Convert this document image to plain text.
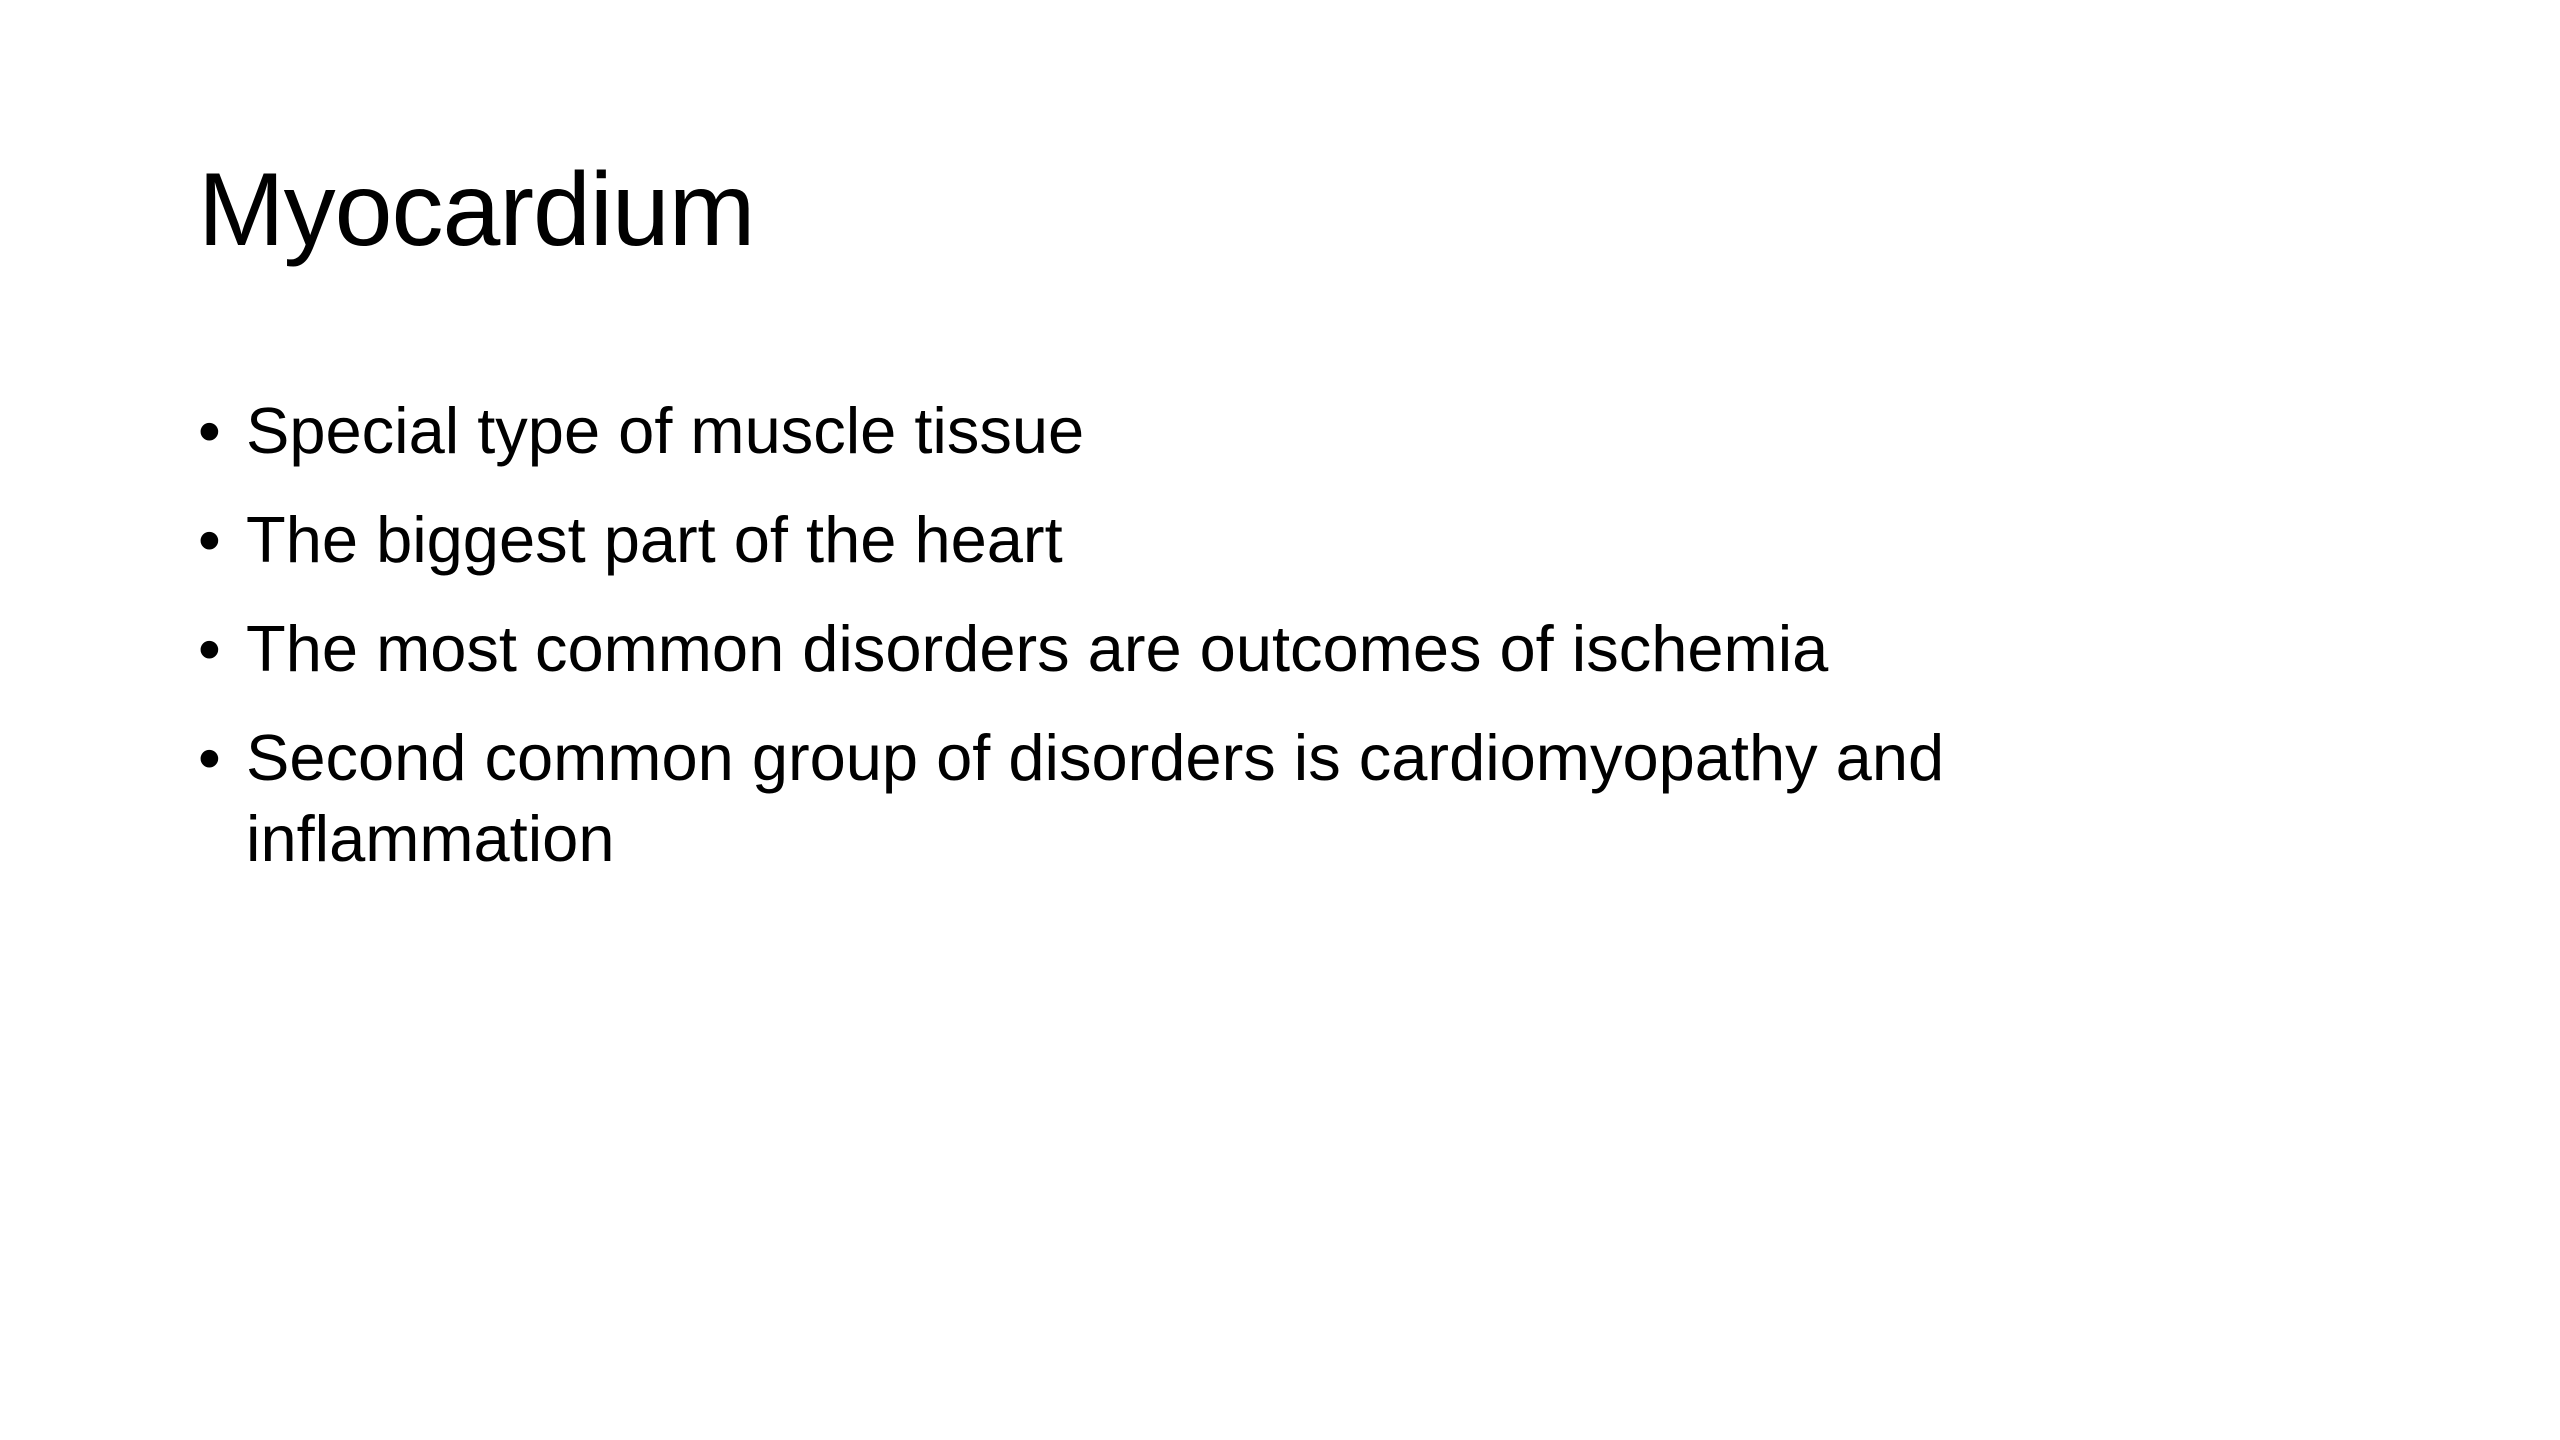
Myocardium
• Special type of muscle tissue
• The biggest part of the heart
• The most common disorders are outcomes of ischemia
• Second common group of disorders is cardiomyopathy and inflammation
